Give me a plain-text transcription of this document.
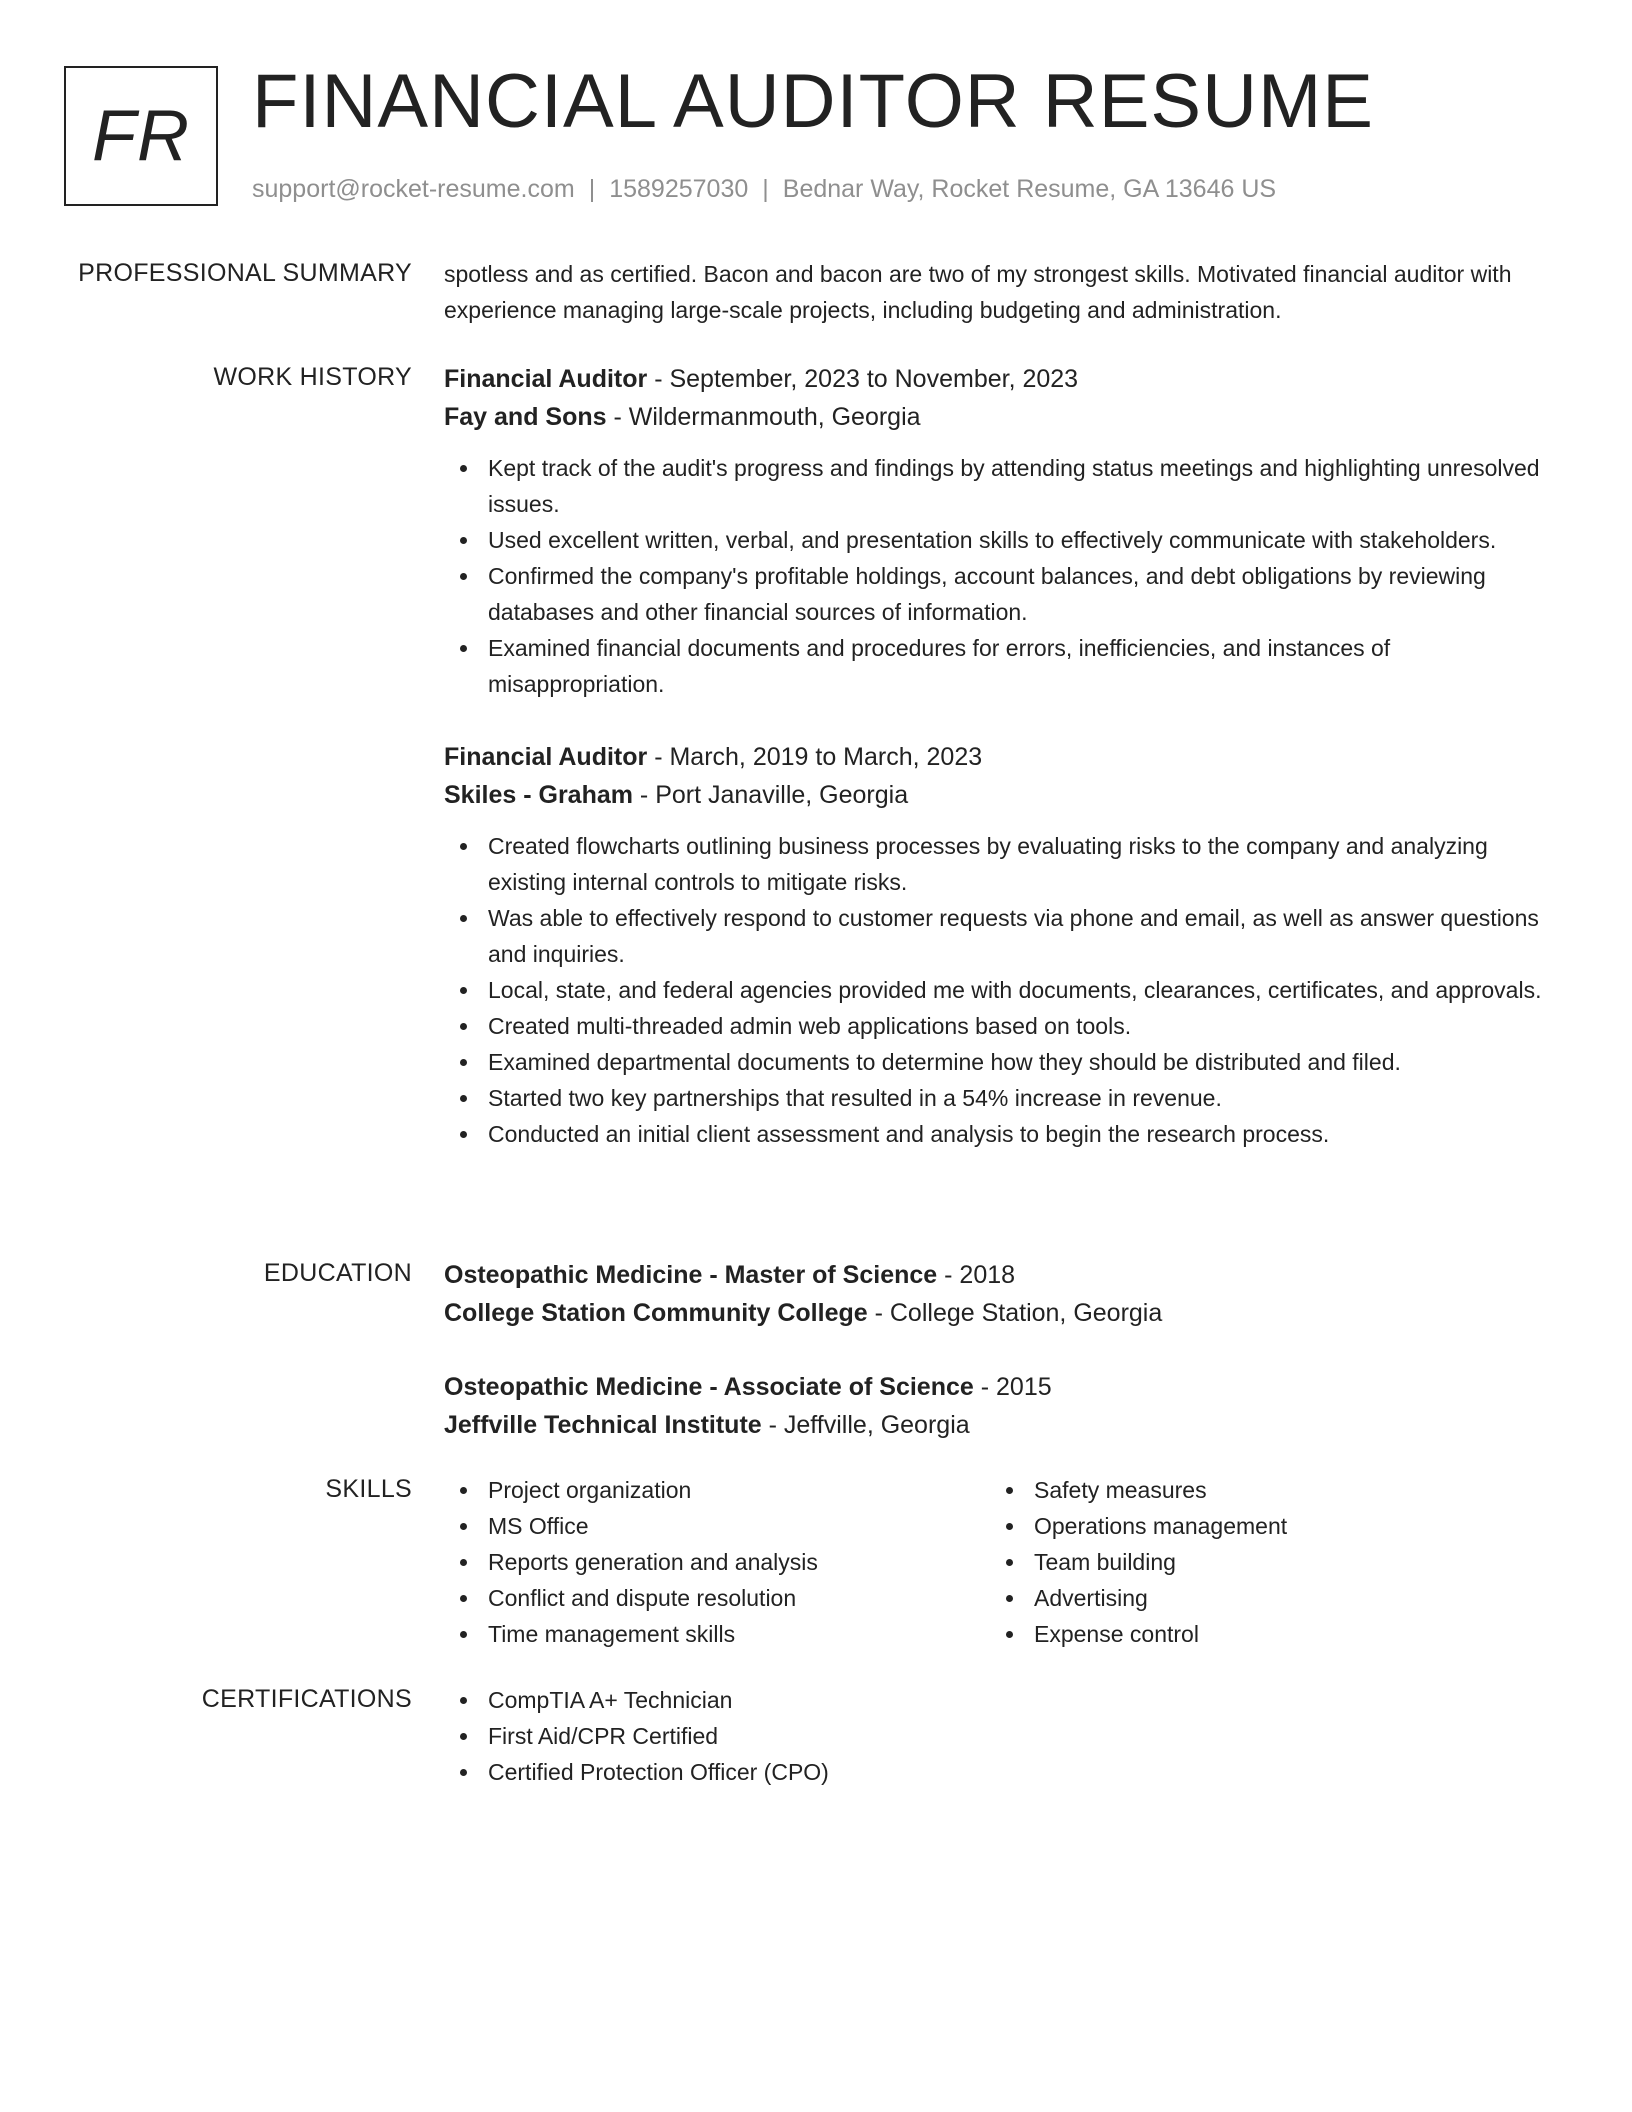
FR FINANCIAL AUDITOR RESUME
support@rocket-resume.com | 1589257030 | Bednar Way, Rocket Resume, GA 13646 US
PROFESSIONAL SUMMARY spotless and as certified. Bacon and bacon are two of my strongest skills. Motivated financial auditor with experience managing large-scale projects, including budgeting and administration.

WORK HISTORY Financial Auditor - September, 2023 to November, 2023
Fay and Sons - Wildermanmouth, Georgia
Kept track of the audit's progress and findings by attending status meetings and highlighting unresolved issues.
Used excellent written, verbal, and presentation skills to effectively communicate with stakeholders.
Confirmed the company's profitable holdings, account balances, and debt obligations by reviewing databases and other financial sources of information.
Examined financial documents and procedures for errors, inefficiencies, and instances of misappropriation.
Financial Auditor - March, 2019 to March, 2023
Skiles - Graham - Port Janaville, Georgia
Created flowcharts outlining business processes by evaluating risks to the company and analyzing existing internal controls to mitigate risks.
Was able to effectively respond to customer requests via phone and email, as well as answer questions and inquiries.
Local, state, and federal agencies provided me with documents, clearances, certificates, and approvals.
Created multi-threaded admin web applications based on tools.
Examined departmental documents to determine how they should be distributed and filed.
Started two key partnerships that resulted in a 54% increase in revenue.
Conducted an initial client assessment and analysis to begin the research process.
EDUCATION Osteopathic Medicine - Master of Science - 2018
College Station Community College - College Station, Georgia
Osteopathic Medicine - Associate of Science - 2015
Jeffville Technical Institute - Jeffville, Georgia
SKILLS	Project organization
MS Office
Reports generation and analysis
Conflict and dispute resolution
Time management skills
Safety measures
Operations management
Team building
Advertising
Expense control
CERTIFICATIONS	CompTIA A+ Technician
First Aid/CPR Certified
Certified Protection Officer (CPO)
